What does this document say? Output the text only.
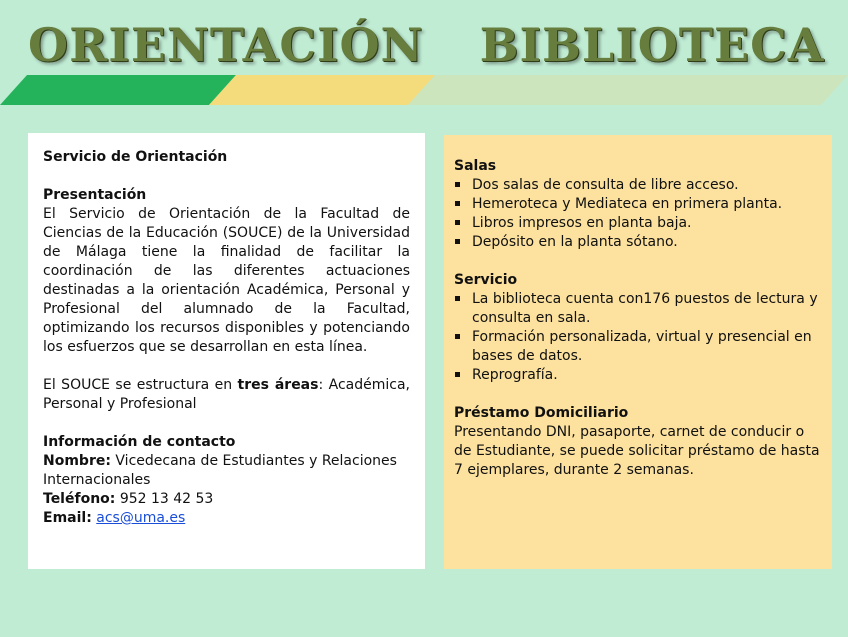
ORIENTACIÓN BIBLIOTECA

Servicio de Orientación

Presentación

El Servicio de Orientación de la Facultad de Ciencias de la Educación (SOUCE) de la Universidad de Málaga tiene la finalidad de facilitar la coordinación de las diferentes actuaciones destinadas a la orientación Académica, Personal y Profesional del alumnado de la Facultad, optimizando los recursos disponibles y potenciando los esfuerzos que se desarrollan en esta línea.

El SOUCE se estructura en tres áreas: Académica, Personal y Profesional

Información de contacto

Nombre: Vicedecana de Estudiantes y Relaciones Internacionales

Teléfono: 952 13 42 53

Email: acs@uma.es

Salas

Dos salas de consulta de libre acceso.
Hemeroteca y Mediateca en primera planta.
Libros impresos en planta baja.
Depósito en la planta sótano.

Servicio

La biblioteca cuenta con176 puestos de lectura y consulta en sala.
Formación personalizada, virtual y presencial en bases de datos.
Reprografía.

Préstamo Domiciliario

Presentando DNI, pasaporte, carnet de conducir o de Estudiante, se puede solicitar préstamo de hasta 7 ejemplares, durante 2 semanas.
